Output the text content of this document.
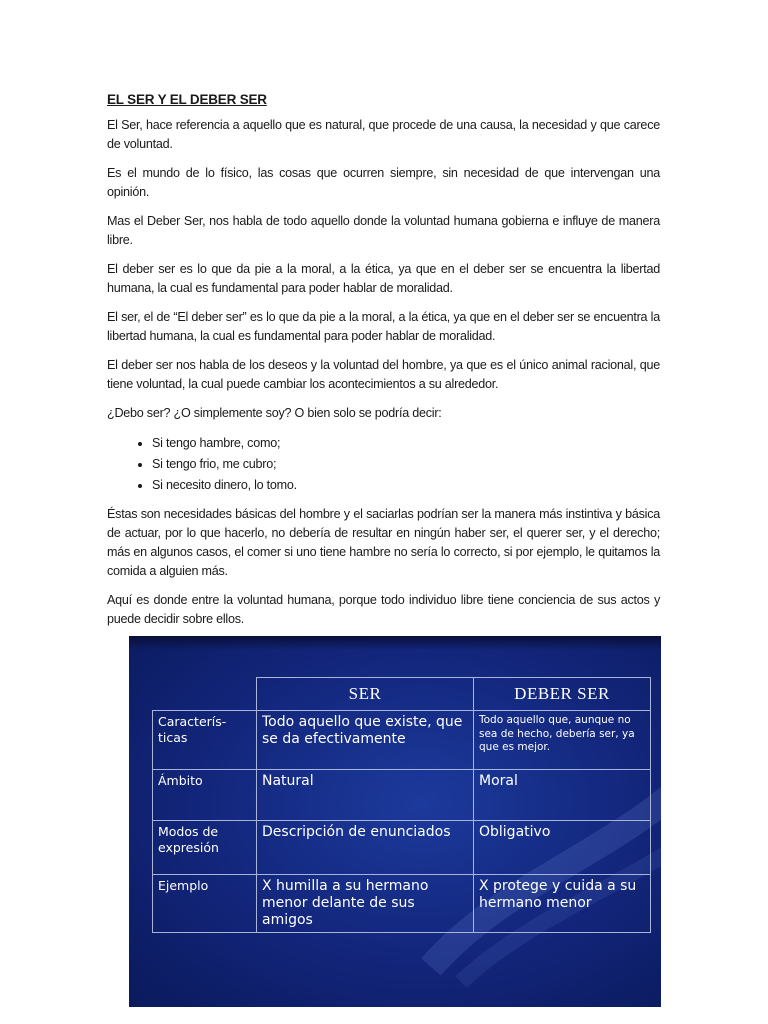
EL SER Y EL DEBER SER

El Ser, hace referencia a aquello que es natural, que procede de una causa, la necesidad y que carece de voluntad.

Es el mundo de lo físico, las cosas que ocurren siempre, sin necesidad de que intervengan una opinión.

Mas el Deber Ser, nos habla de todo aquello donde la voluntad humana gobierna e influye de manera libre.

El deber ser es lo que da pie a la moral, a la ética, ya que en el deber ser se encuentra la libertad humana, la cual es fundamental para poder hablar de moralidad.

El ser, el de “El deber ser” es lo que da pie a la moral, a la ética, ya que en el deber ser se encuentra la libertad humana, la cual es fundamental para poder hablar de moralidad.

El deber ser nos habla de los deseos y la voluntad del hombre, ya que es el único animal racional, que tiene voluntad, la cual puede cambiar los acontecimientos a su alrededor.

¿Debo ser? ¿O simplemente soy? O bien solo se podría decir:

• Si tengo hambre, como;
• Si tengo frio, me cubro;
• Si necesito dinero, lo tomo.

Éstas son necesidades básicas del hombre y el saciarlas podrían ser la manera más instintiva y básica de actuar, por lo que hacerlo, no debería de resultar en ningún haber ser, el querer ser, y el derecho; más en algunos casos, el comer si uno tiene hambre no sería lo correcto, si por ejemplo, le quitamos la comida a alguien más.

Aquí es donde entre la voluntad humana, porque todo individuo libre tiene conciencia de sus actos y puede decidir sobre ellos.

	SER	DEBER SER
Caracterís-
ticas	Todo aquello que existe, que se da efectivamente	Todo aquello que, aunque no sea de hecho, debería ser, ya que es mejor.
Ámbito	Natural	Moral
Modos de expresión	Descripción de enunciados	Obligativo
Ejemplo	X humilla a su hermano menor delante de sus amigos	X protege y cuida a su hermano menor
